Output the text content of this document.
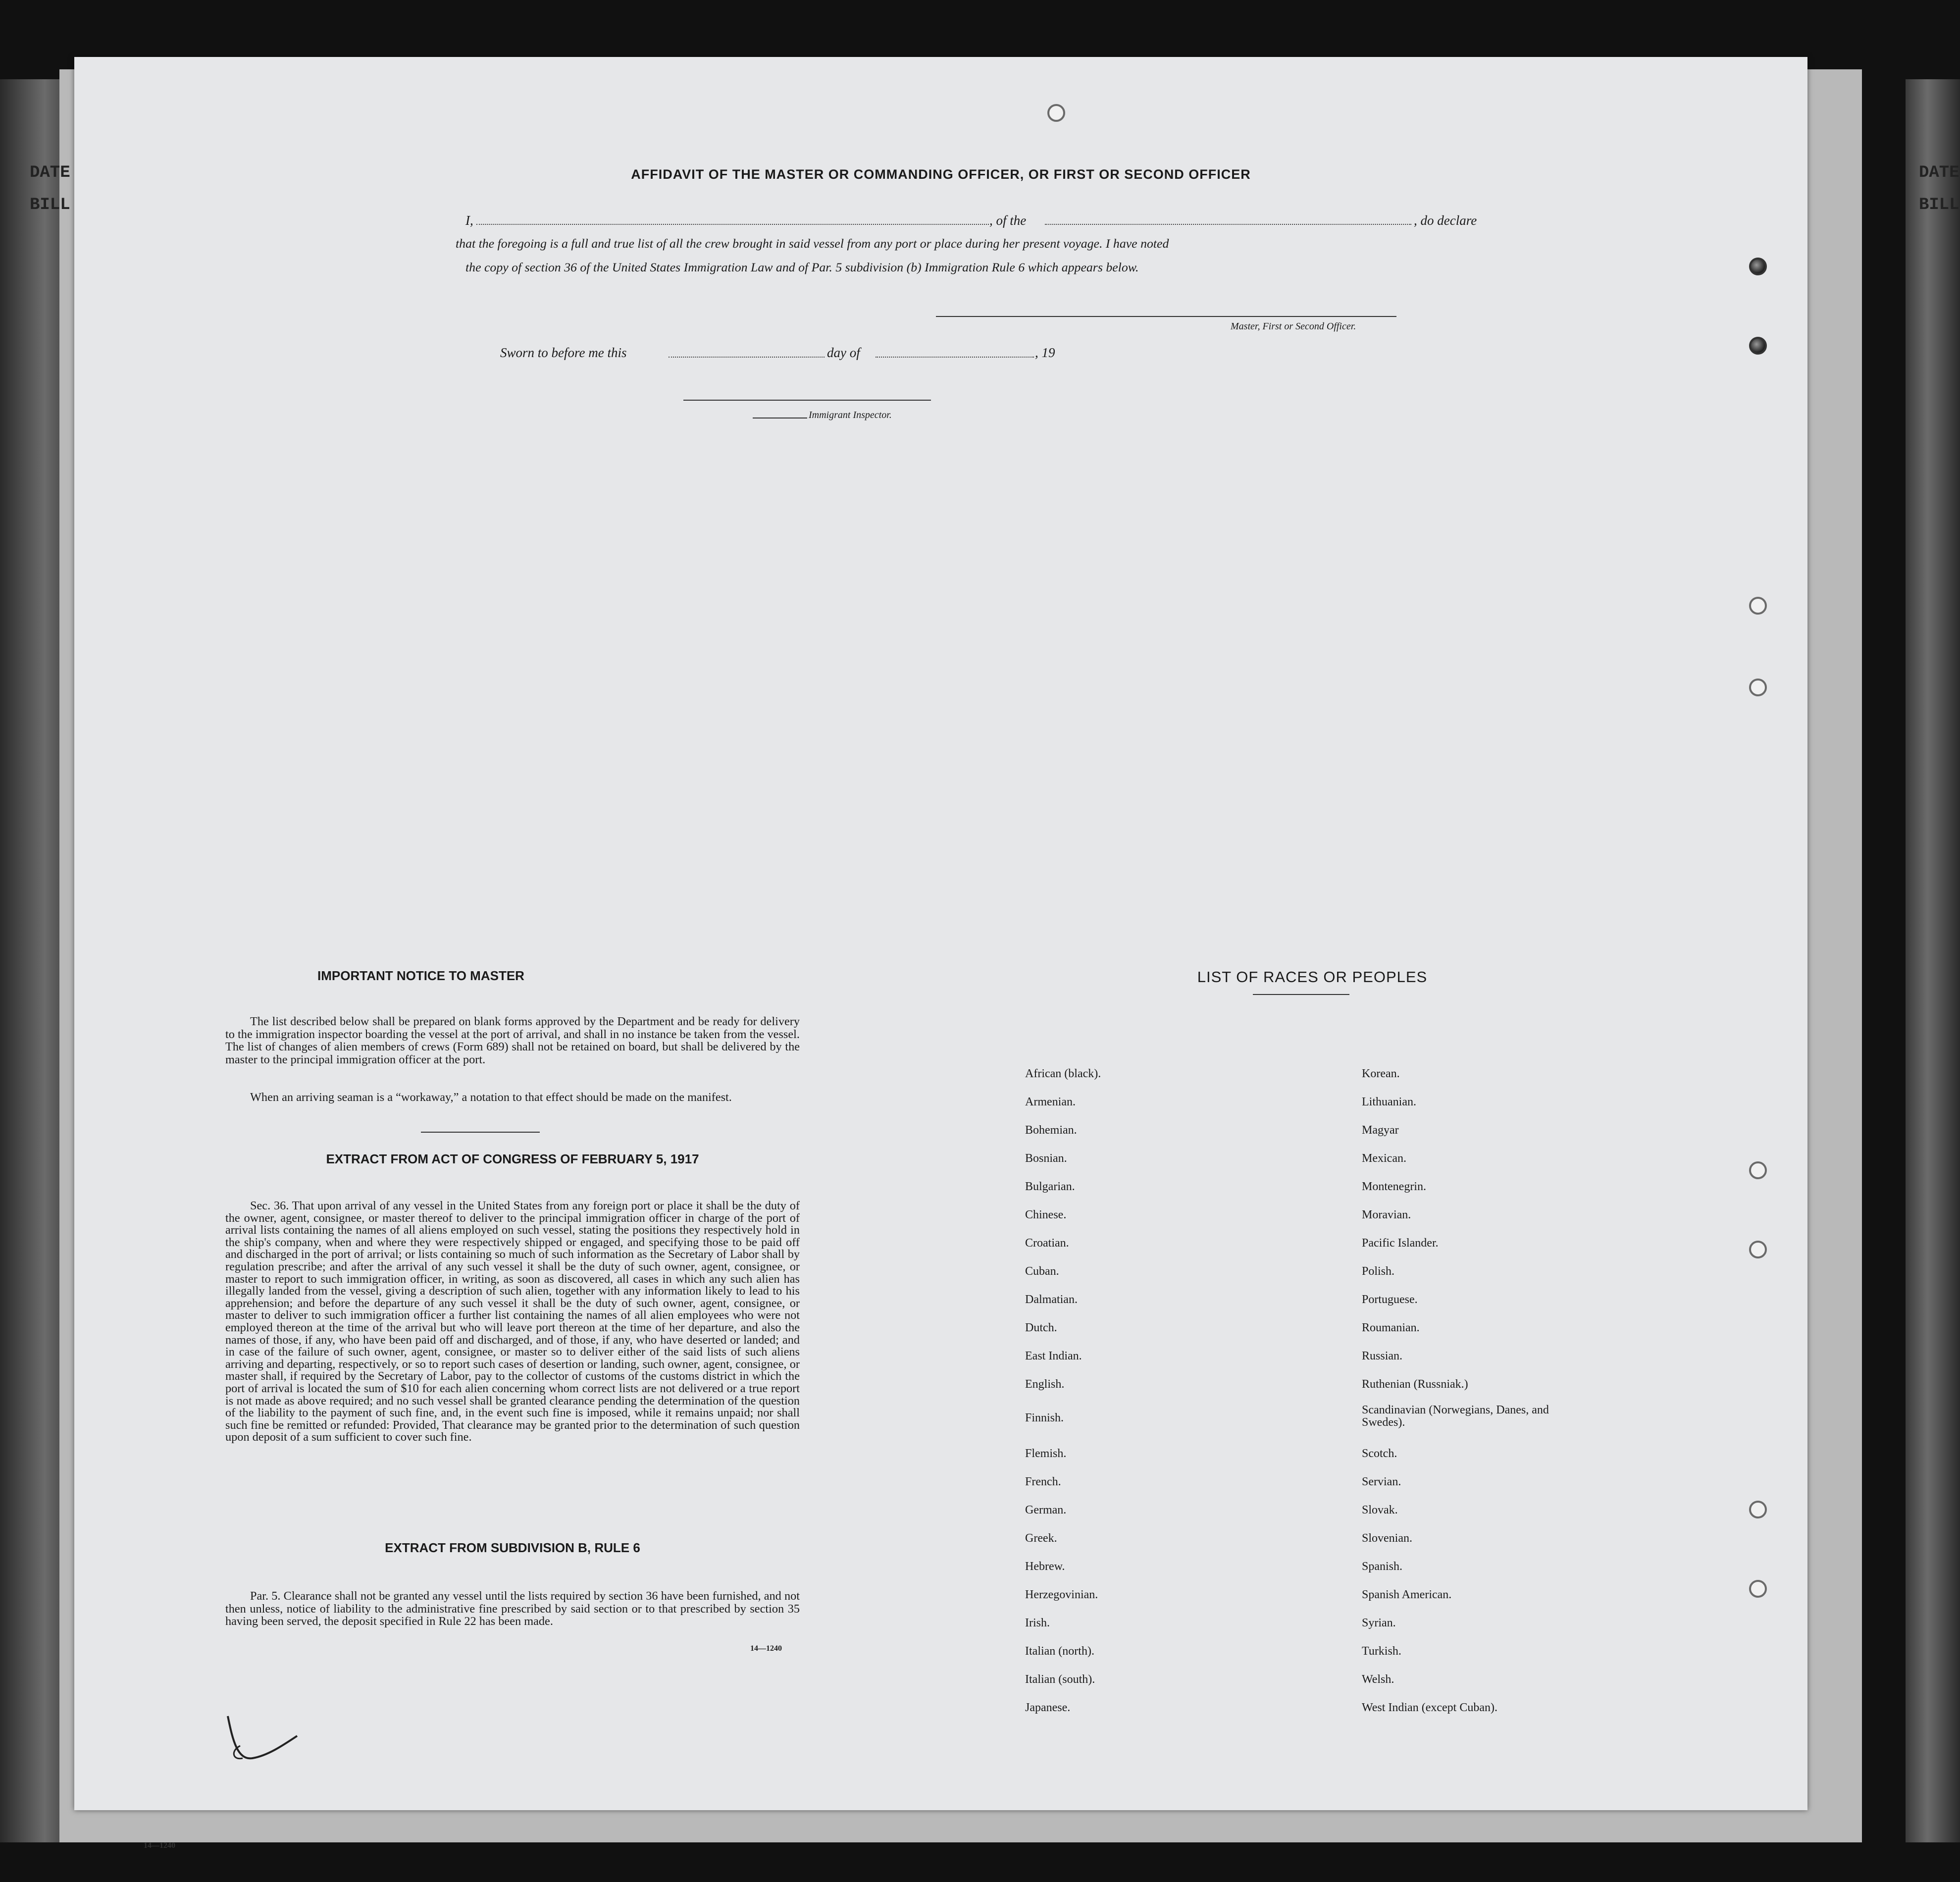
DATE
BILL
DATE
BILL
14—1240
AFFIDAVIT OF THE MASTER OR COMMANDING OFFICER, OR FIRST OR SECOND OFFICER
I,	, of the	, do declare
that the foregoing is a full and true list of all the crew brought in said vessel from any port or place during her present voyage. I have noted
the copy of section 36 of the United States Immigration Law and of Par. 5 subdivision (b) Immigration Rule 6 which appears below.
Master, First or Second Officer.
Sworn to before me this	day of	, 19
Immigrant Inspector.
IMPORTANT NOTICE TO MASTER
The list described below shall be prepared on blank forms approved by the Department and be ready for delivery to the immigration inspector boarding the vessel at the port of arrival, and shall in no instance be taken from the vessel. The list of changes of alien members of crews (Form 689) shall not be retained on board, but shall be delivered by the master to the principal immigration officer at the port.
When an arriving seaman is a “workaway,” a notation to that effect should be made on the manifest.
EXTRACT FROM ACT OF CONGRESS OF FEBRUARY 5, 1917
Sec. 36. That upon arrival of any vessel in the United States from any foreign port or place it shall be the duty of the owner, agent, consignee, or master thereof to deliver to the principal immigration officer in charge of the port of arrival lists containing the names of all aliens employed on such vessel, stating the positions they respectively hold in the ship's company, when and where they were respectively shipped or engaged, and specifying those to be paid off and discharged in the port of arrival; or lists containing so much of such information as the Secretary of Labor shall by regulation prescribe; and after the arrival of any such vessel it shall be the duty of such owner, agent, consignee, or master to report to such immigration officer, in writing, as soon as discovered, all cases in which any such alien has illegally landed from the vessel, giving a description of such alien, together with any information likely to lead to his apprehension; and before the departure of any such vessel it shall be the duty of such owner, agent, consignee, or master to deliver to such immigration officer a further list containing the names of all alien employees who were not employed thereon at the time of the arrival but who will leave port thereon at the time of her departure, and also the names of those, if any, who have been paid off and discharged, and of those, if any, who have deserted or landed; and in case of the failure of such owner, agent, consignee, or master so to deliver either of the said lists of such aliens arriving and departing, respectively, or so to report such cases of desertion or landing, such owner, agent, consignee, or master shall, if required by the Secretary of Labor, pay to the collector of customs of the customs district in which the port of arrival is located the sum of $10 for each alien concerning whom correct lists are not delivered or a true report is not made as above required; and no such vessel shall be granted clearance pending the determination of the question of the liability to the payment of such fine, and, in the event such fine is imposed, while it remains unpaid; nor shall such fine be remitted or refunded: Provided, That clearance may be granted prior to the determination of such question upon deposit of a sum sufficient to cover such fine.
EXTRACT FROM SUBDIVISION B, RULE 6
Par. 5. Clearance shall not be granted any vessel until the lists required by section 36 have been furnished, and not then unless, notice of liability to the administrative fine prescribed by said section or to that prescribed by section 35 having been served, the deposit specified in Rule 22 has been made.
14—1240
LIST OF RACES OR PEOPLES
African (black).
Armenian.
Bohemian.
Bosnian.
Bulgarian.
Chinese.
Croatian.
Cuban.
Dalmatian.
Dutch.
East Indian.
English.
Finnish.
Flemish.
French.
German.
Greek.
Hebrew.
Herzegovinian.
Irish.
Italian (north).
Italian (south).
Japanese.
Korean.
Lithuanian.
Magyar
Mexican.
Montenegrin.
Moravian.
Pacific Islander.
Polish.
Portuguese.
Roumanian.
Russian.
Ruthenian (Russniak.)
Scandinavian (Norwegians, Danes, and Swedes).
Scotch.
Servian.
Slovak.
Slovenian.
Spanish.
Spanish American.
Syrian.
Turkish.
Welsh.
West Indian (except Cuban).
